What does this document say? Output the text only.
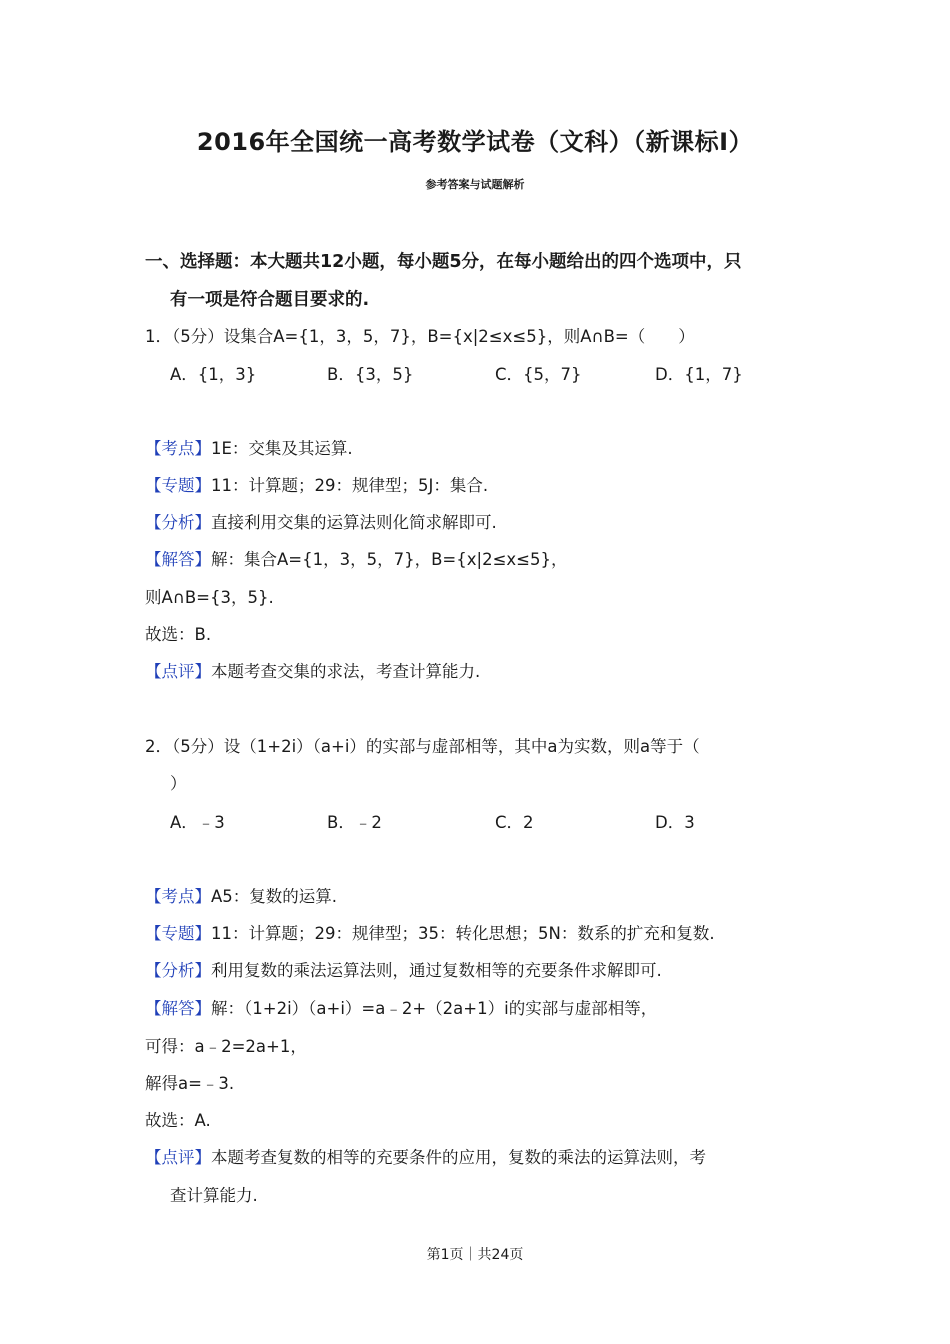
2016年全国统一高考数学试卷（文科）（新课标Ⅰ）
参考答案与试题解析
一、选择题：本大题共12小题，每小题5分，在每小题给出的四个选项中，只
有一项是符合题目要求的.
1．（5分）设集合A={1，3，5，7}，B={x|2≤x≤5}，则A∩B=（　　）
A．{1，3}	B．{3，5}	C．{5，7}	D．{1，7}
【考点】1E：交集及其运算.
【专题】11：计算题；29：规律型；5J：集合.
【分析】直接利用交集的运算法则化简求解即可.
【解答】解：集合A={1，3，5，7}，B={x|2≤x≤5}，
则A∩B={3，5}.
故选：B.
【点评】本题考查交集的求法，考查计算能力.
2．（5分）设（1+2i）（a+i）的实部与虚部相等，其中a为实数，则a等于（
）
A．﹣3	B．﹣2	C．2	D．3
【考点】A5：复数的运算.
【专题】11：计算题；29：规律型；35：转化思想；5N：数系的扩充和复数.
【分析】利用复数的乘法运算法则，通过复数相等的充要条件求解即可.
【解答】解：（1+2i）（a+i）=a﹣2+（2a+1）i的实部与虚部相等，
可得：a﹣2=2a+1，
解得a=﹣3.
故选：A.
【点评】本题考查复数的相等的充要条件的应用，复数的乘法的运算法则，考
查计算能力.
第1页｜共24页
